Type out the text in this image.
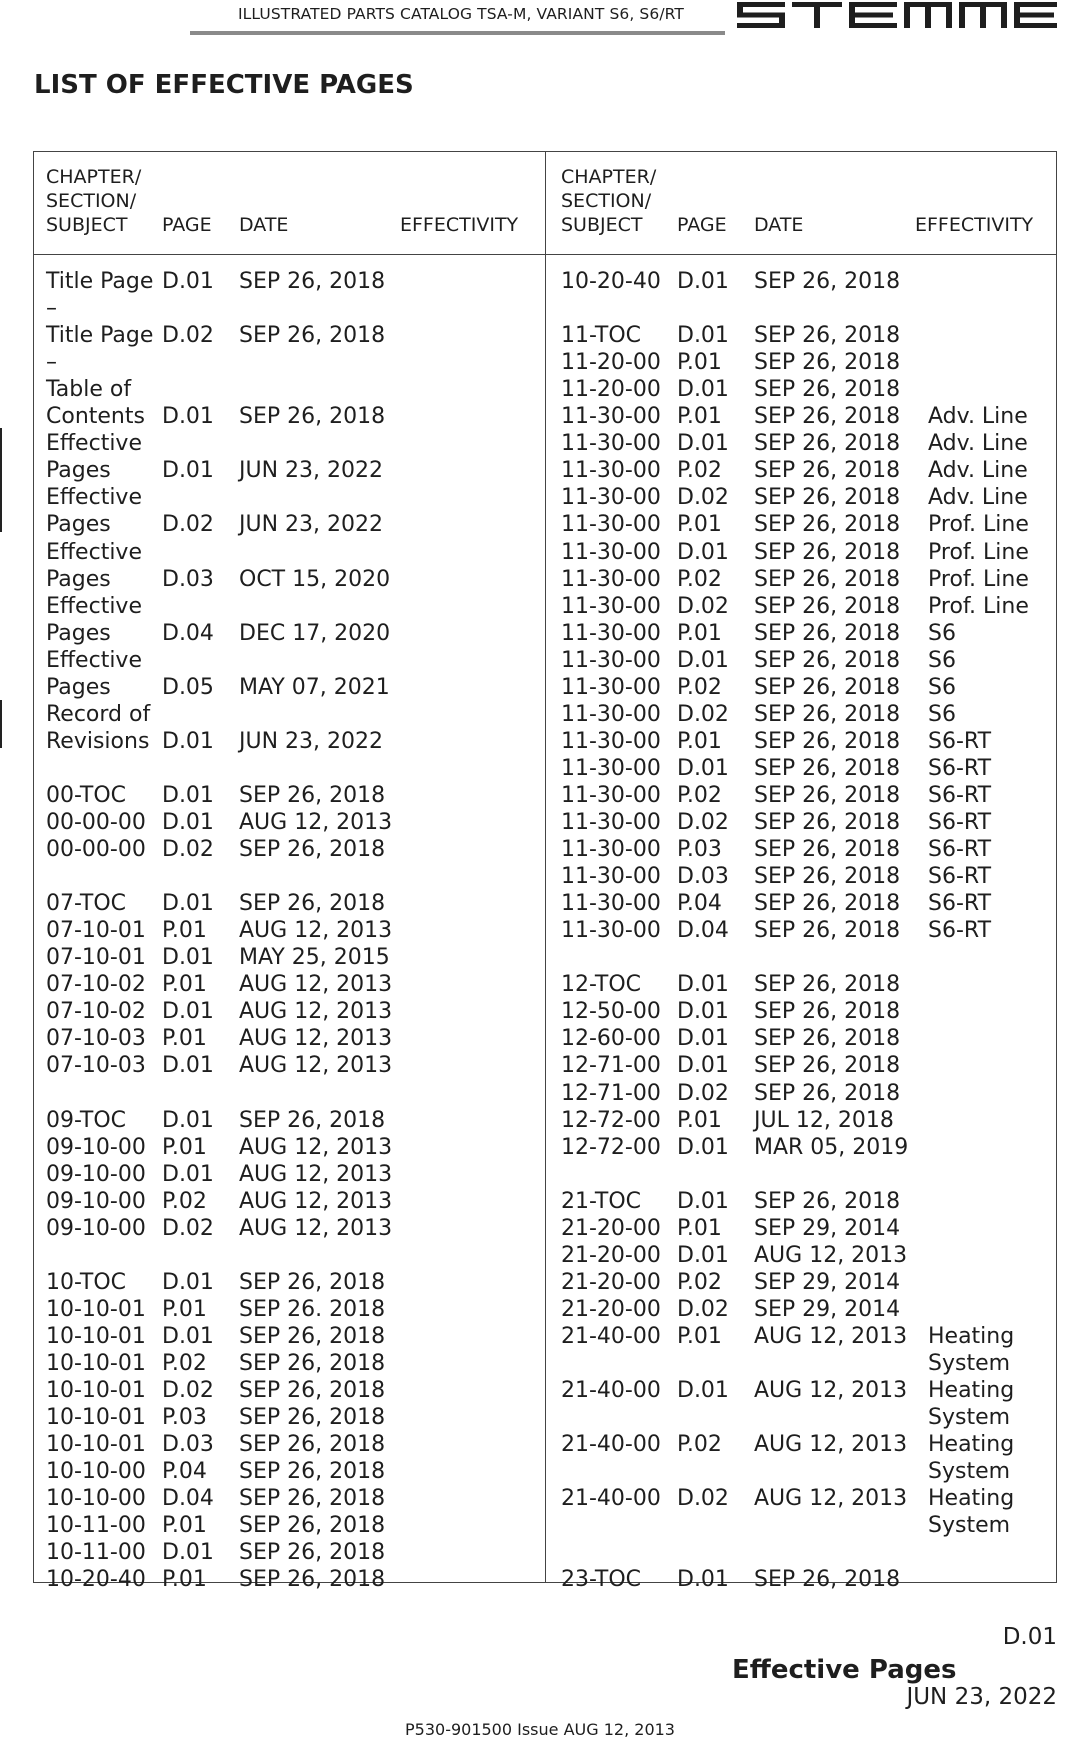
ILLUSTRATED PARTS CATALOG TSA-M, VARIANT S6, S6/RT
LIST OF EFFECTIVE PAGES
CHAPTER/
SECTION/
SUBJECT PAGE DATE	EFFECTIVITY
CHAPTER/
SECTION/
SUBJECT PAGE DATE	EFFECTIVITY
Title Page D.01 SEP 26, 2018
–
Title Page D.02 SEP 26, 2018
–
Table of
Contents D.01 SEP 26, 2018
Effective
Pages D.01 JUN 23, 2022
Effective
Pages D.02 JUN 23, 2022
Effective
Pages D.03 OCT 15, 2020
Effective
Pages D.04 DEC 17, 2020
Effective
Pages D.05 MAY 07, 2021
Record of
Revisions D.01 JUN 23, 2022
00-TOC D.01 SEP 26, 2018
00-00-00 D.01 AUG 12, 2013
00-00-00 D.02 SEP 26, 2018
07-TOC D.01 SEP 26, 2018
07-10-01 P.01 AUG 12, 2013
07-10-01 D.01 MAY 25, 2015
07-10-02 P.01 AUG 12, 2013
07-10-02 D.01 AUG 12, 2013
07-10-03 P.01 AUG 12, 2013
07-10-03 D.01 AUG 12, 2013
09-TOC D.01 SEP 26, 2018
09-10-00 P.01 AUG 12, 2013
09-10-00 D.01 AUG 12, 2013
09-10-00 P.02 AUG 12, 2013
09-10-00 D.02 AUG 12, 2013
10-TOC D.01 SEP 26, 2018
10-10-01 P.01 SEP 26. 2018
10-10-01 D.01 SEP 26, 2018
10-10-01 P.02 SEP 26, 2018
10-10-01 D.02 SEP 26, 2018
10-10-01 P.03 SEP 26, 2018
10-10-01 D.03 SEP 26, 2018
10-10-00 P.04 SEP 26, 2018
10-10-00 D.04 SEP 26, 2018
10-11-00 P.01 SEP 26, 2018
10-11-00 D.01 SEP 26, 2018
10-20-40 P.01 SEP 26, 2018
10-20-40 D.01 SEP 26, 2018
11-TOC D.01 SEP 26, 2018
11-20-00 P.01 SEP 26, 2018
11-20-00 D.01 SEP 26, 2018
11-30-00 P.01 SEP 26, 2018 Adv. Line
11-30-00 D.01 SEP 26, 2018 Adv. Line
11-30-00 P.02 SEP 26, 2018 Adv. Line
11-30-00 D.02 SEP 26, 2018 Adv. Line
11-30-00 P.01 SEP 26, 2018 Prof. Line
11-30-00 D.01 SEP 26, 2018 Prof. Line
11-30-00 P.02 SEP 26, 2018 Prof. Line
11-30-00 D.02 SEP 26, 2018 Prof. Line
11-30-00 P.01 SEP 26, 2018 S6
11-30-00 D.01 SEP 26, 2018 S6
11-30-00 P.02 SEP 26, 2018 S6
11-30-00 D.02 SEP 26, 2018 S6
11-30-00 P.01 SEP 26, 2018 S6-RT
11-30-00 D.01 SEP 26, 2018 S6-RT
11-30-00 P.02 SEP 26, 2018 S6-RT
11-30-00 D.02 SEP 26, 2018 S6-RT
11-30-00 P.03 SEP 26, 2018 S6-RT
11-30-00 D.03 SEP 26, 2018 S6-RT
11-30-00 P.04 SEP 26, 2018 S6-RT
11-30-00 D.04 SEP 26, 2018 S6-RT
12-TOC D.01 SEP 26, 2018
12-50-00 D.01 SEP 26, 2018
12-60-00 D.01 SEP 26, 2018
12-71-00 D.01 SEP 26, 2018
12-71-00 D.02 SEP 26, 2018
12-72-00 P.01 JUL 12, 2018
12-72-00 D.01 MAR 05, 2019
21-TOC D.01 SEP 26, 2018
21-20-00 P.01 SEP 29, 2014
21-20-00 D.01 AUG 12, 2013
21-20-00 P.02 SEP 29, 2014
21-20-00 D.02 SEP 29, 2014
21-40-00 P.01 AUG 12, 2013 Heating
System
21-40-00 D.01 AUG 12, 2013 Heating
System
21-40-00 P.02 AUG 12, 2013 Heating
System
21-40-00 D.02 AUG 12, 2013 Heating
System
23-TOC D.01 SEP 26, 2018
D.01
Effective Pages
JUN 23, 2022
P530-901500 Issue AUG 12, 2013
